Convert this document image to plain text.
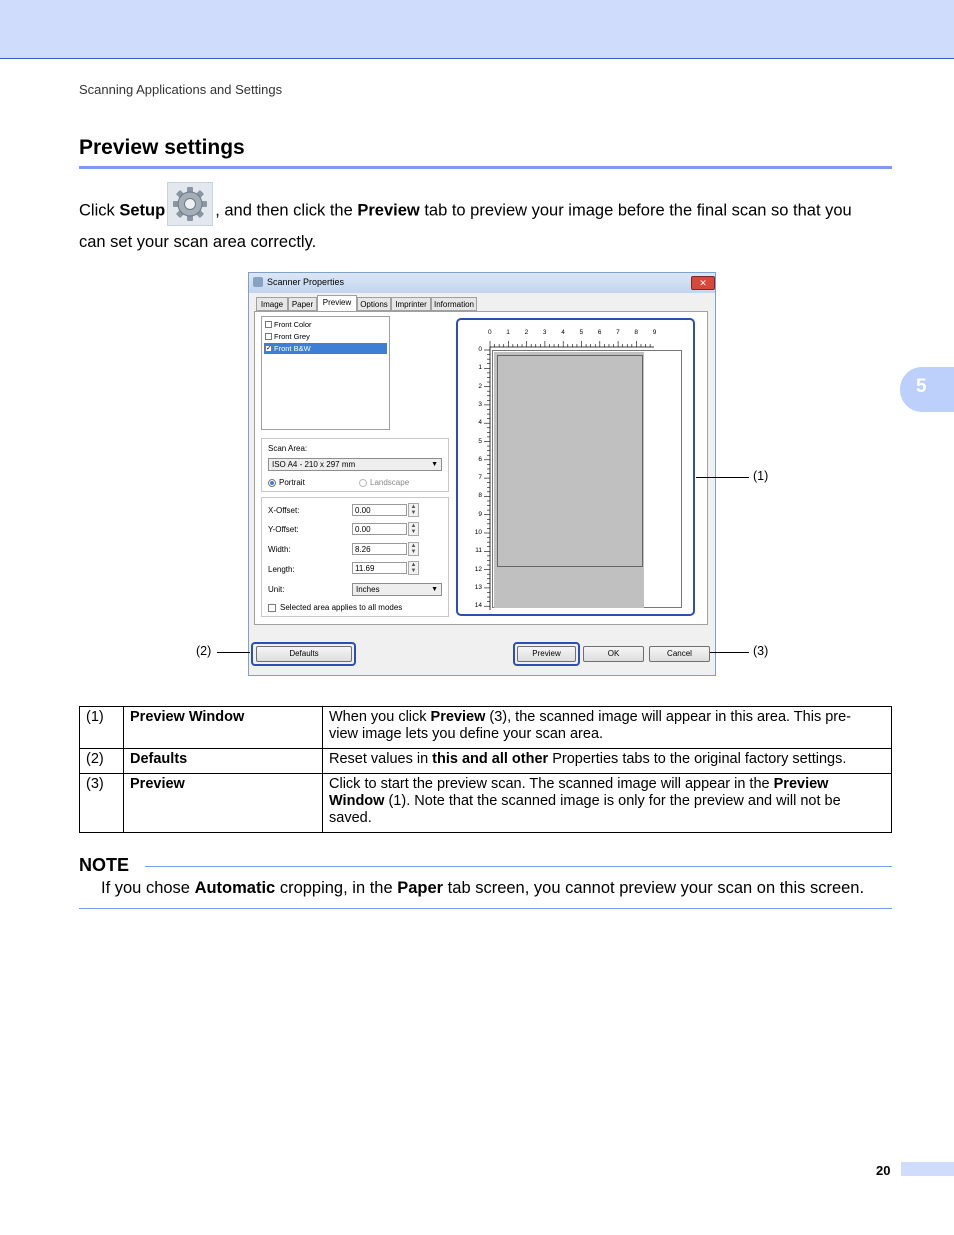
Scanning Applications and Settings
Preview settings
Click Setup	, and then click the Preview tab to preview your image before the final scan so that you
can set your scan area correctly.
5
Scanner Properties	✕
Image	Paper	Preview	Options Imprinter Information
Front Color
Front Grey
✓ Front B&W
Scan Area:
ISO A4 - 210 x 297 mm	▼
Portrait	Landscape
X-Offset:	0.00	▲
▼
Y-Offset:	0.00	▲
▼
Width:	8.26	▲
▼
Length:	11.69	▲
▼
Unit:	Inches	▼
Selected area applies to all modes
0 1 2 3 4 5 6 7 8 9
0
1
2
3
4
5
6
7
8
9
10
11
12
13
14
Defaults	Preview	OK	Cancel
(1)
(2)	(3)
(1)	Preview Window	When you click Preview (3), the scanned image will appear in this area. This pre-
view image lets you define your scan area.
(2)	Defaults	Reset values in this and all other Properties tabs to the original factory settings.
(3)	Preview	Click to start the preview scan. The scanned image will appear in the Preview
Window (1). Note that the scanned image is only for the preview and will not be saved.
NOTE
If you chose Automatic cropping, in the Paper tab screen, you cannot preview your scan on this screen.
20
